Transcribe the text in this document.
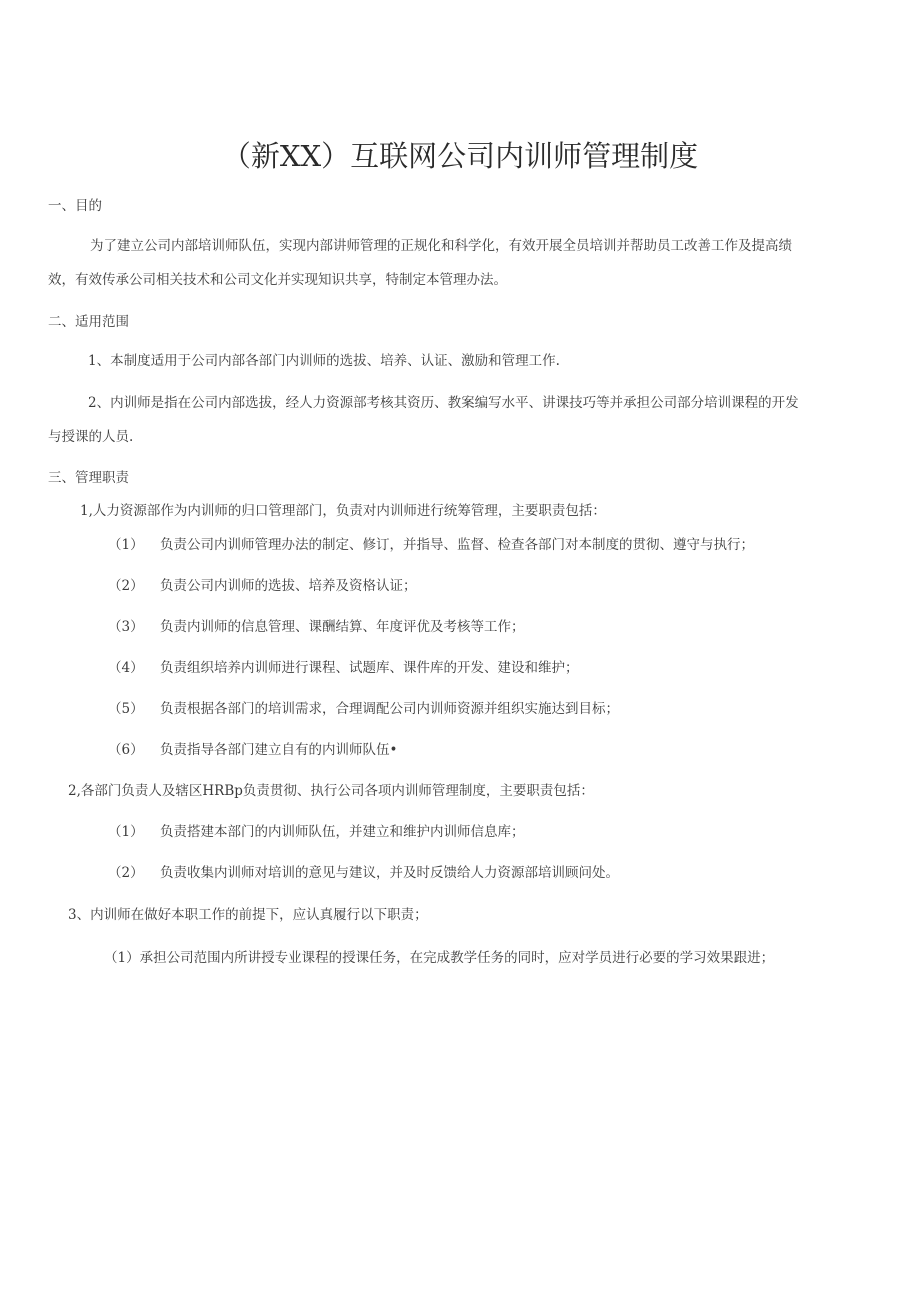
（新XX）互联网公司内训师管理制度
一、目的
为了建立公司内部培训师队伍，实现内部讲师管理的正规化和科学化，有效开展全员培训并帮助员工改善工作及提高绩
效，有效传承公司相关技术和公司文化并实现知识共享，特制定本管理办法。
二、适用范围
1、本制度适用于公司内部各部门内训师的选拔、培养、认证、激励和管理工作.
2、内训师是指在公司内部选拔，经人力资源部考核其资历、教案编写水平、讲课技巧等并承担公司部分培训课程的开发
与授课的人员.
三、管理职责
1,人力资源部作为内训师的归口管理部门，负责对内训师进行统筹管理，主要职责包括：
（1） 负责公司内训师管理办法的制定、修订，并指导、监督、检查各部门对本制度的贯彻、遵守与执行；
（2） 负责公司内训师的选拔、培养及资格认证；
（3） 负责内训师的信息管理、课酬结算、年度评优及考核等工作；
（4） 负责组织培养内训师进行课程、试题库、课件库的开发、建设和维护；
（5） 负责根据各部门的培训需求，合理调配公司内训师资源并组织实施达到目标；
（6） 负责指导各部门建立自有的内训师队伍•
2,各部门负责人及辖区HRBp负责贯彻、执行公司各项内训师管理制度，主要职责包括：
（1） 负责搭建本部门的内训师队伍，并建立和维护内训师信息库；
（2） 负责收集内训师对培训的意见与建议，并及时反馈给人力资源部培训顾问处。
3、内训师在做好本职工作的前提下，应认真履行以下职责；
（1）承担公司范围内所讲授专业课程的授课任务，在完成教学任务的同时，应对学员进行必要的学习效果跟进；
